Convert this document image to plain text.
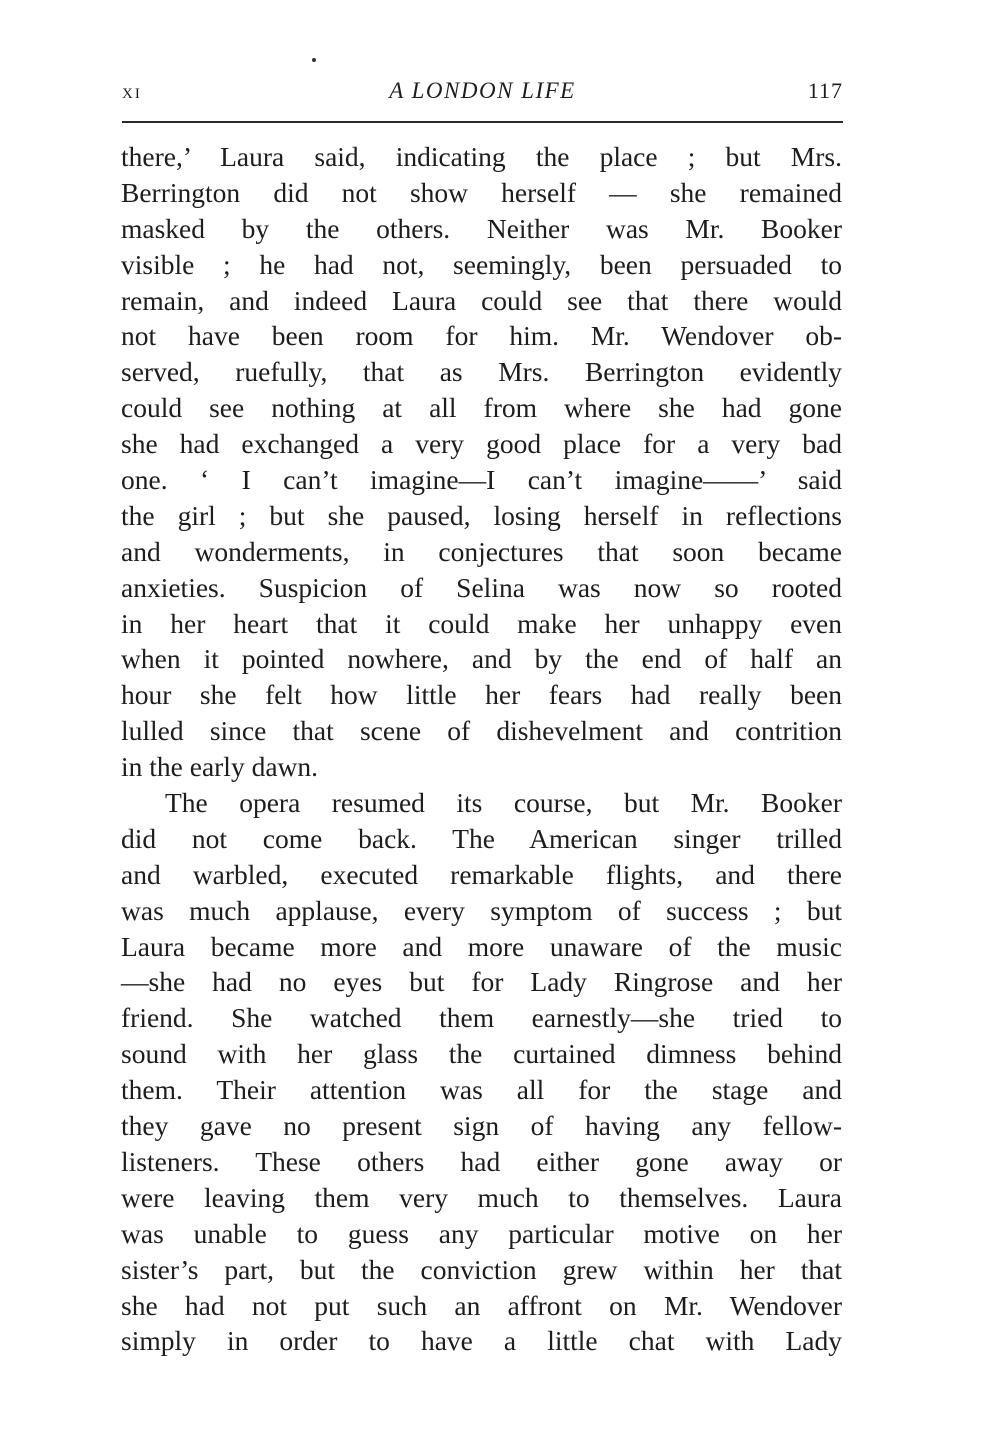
xi	A LONDON LIFE	117
there,’ Laura said, indicating the place ; but Mrs.
Berrington did not show herself — she remained
masked by the others. Neither was Mr. Booker
visible ; he had not, seemingly, been persuaded to
remain, and indeed Laura could see that there would
not have been room for him. Mr. Wendover ob-
served, ruefully, that as Mrs. Berrington evidently
could see nothing at all from where she had gone
she had exchanged a very good place for a very bad
one. ‘ I can’t imagine—I can’t imagine——’ said
the girl ; but she paused, losing herself in reflections
and wonderments, in conjectures that soon became
anxieties. Suspicion of Selina was now so rooted
in her heart that it could make her unhappy even
when it pointed nowhere, and by the end of half an
hour she felt how little her fears had really been
lulled since that scene of dishevelment and contrition
in the early dawn.
The opera resumed its course, but Mr. Booker
did not come back. The American singer trilled
and warbled, executed remarkable flights, and there
was much applause, every symptom of success ; but
Laura became more and more unaware of the music
—she had no eyes but for Lady Ringrose and her
friend. She watched them earnestly—she tried to
sound with her glass the curtained dimness behind
them. Their attention was all for the stage and
they gave no present sign of having any fellow-
listeners. These others had either gone away or
were leaving them very much to themselves. Laura
was unable to guess any particular motive on her
sister’s part, but the conviction grew within her that
she had not put such an affront on Mr. Wendover
simply in order to have a little chat with Lady
